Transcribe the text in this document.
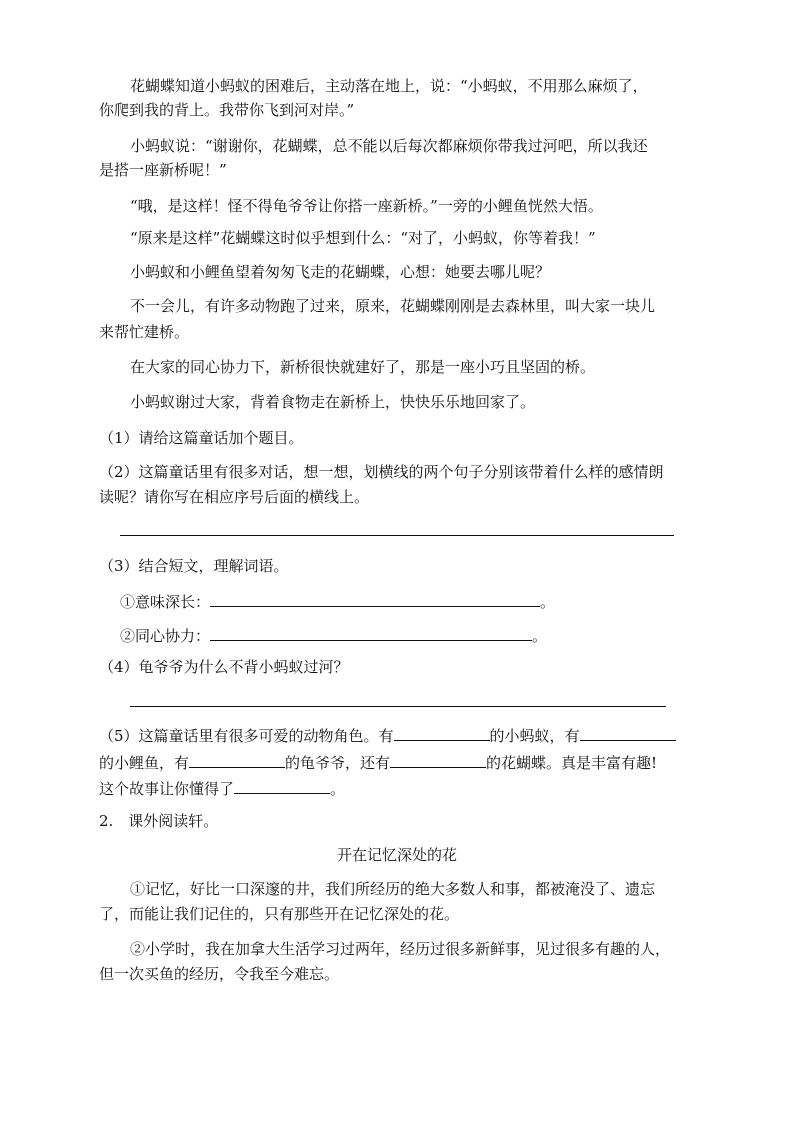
花蝴蝶知道小蚂蚁的困难后，主动落在地上，说：“小蚂蚁，不用那么麻烦了，
你爬到我的背上。我带你飞到河对岸。”
小蚂蚁说：“谢谢你，花蝴蝶，总不能以后每次都麻烦你带我过河吧，所以我还
是搭一座新桥呢！”
“哦，是这样！怪不得龟爷爷让你搭一座新桥。”一旁的小鲤鱼恍然大悟。
“原来是这样”花蝴蝶这时似乎想到什么：“对了，小蚂蚁，你等着我！”
小蚂蚁和小鲤鱼望着匆匆飞走的花蝴蝶，心想：她要去哪儿呢？
不一会儿，有许多动物跑了过来，原来，花蝴蝶刚刚是去森林里，叫大家一块儿
来帮忙建桥。
在大家的同心协力下，新桥很快就建好了，那是一座小巧且坚固的桥。
小蚂蚁谢过大家，背着食物走在新桥上，快快乐乐地回家了。
（1）请给这篇童话加个题目。
（2）这篇童话里有很多对话，想一想，划横线的两个句子分别该带着什么样的感情朗
读呢？请你写在相应序号后面的横线上。
（3）结合短文，理解词语。
①意味深长：	。
②同心协力：	。
（4）龟爷爷为什么不背小蚂蚁过河？
（5）这篇童话里有很多可爱的动物角色。有	的小蚂蚁，有
的小鲤鱼，有	的龟爷爷，还有	的花蝴蝶。真是丰富有趣!
这个故事让你懂得了	。
2.　课外阅读轩。
开在记忆深处的花
①记忆，好比一口深邃的井，我们所经历的绝大多数人和事，都被淹没了、遗忘
了，而能让我们记住的，只有那些开在记忆深处的花。
②小学时，我在加拿大生活学习过两年，经历过很多新鲜事，见过很多有趣的人，
但一次买鱼的经历，令我至今难忘。
